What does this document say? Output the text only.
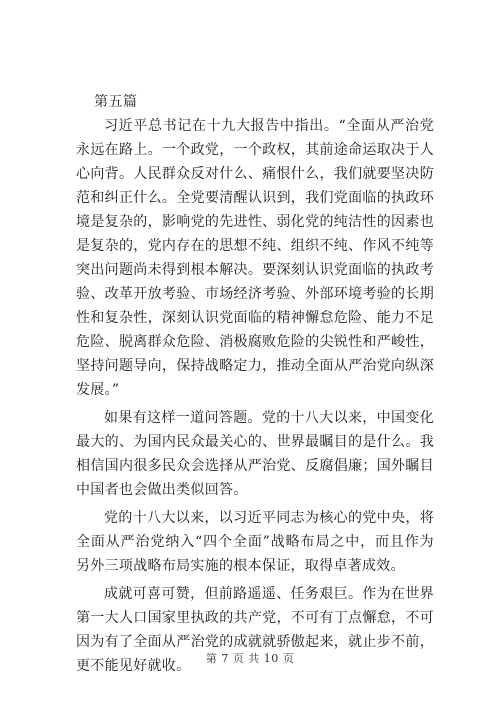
第五篇

习近平总书记在十九大报告中指出。“全面从严治党永远在路上。一个政党，一个政权，其前途命运取决于人心向背。人民群众反对什么、痛恨什么，我们就要坚决防范和纠正什么。全党要清醒认识到，我们党面临的执政环境是复杂的，影响党的先进性、弱化党的纯洁性的因素也是复杂的，党内存在的思想不纯、组织不纯、作风不纯等突出问题尚未得到根本解决。要深刻认识党面临的执政考验、改革开放考验、市场经济考验、外部环境考验的长期性和复杂性，深刻认识党面临的精神懈怠危险、能力不足危险、脱离群众危险、消极腐败危险的尖锐性和严峻性，坚持问题导向，保持战略定力，推动全面从严治党向纵深发展。”

如果有这样一道问答题。党的十八大以来，中国变化最大的、为国内民众最关心的、世界最瞩目的是什么。我相信国内很多民众会选择从严治党、反腐倡廉；国外瞩目中国者也会做出类似回答。

党的十八大以来，以习近平同志为核心的党中央，将全面从严治党纳入“四个全面”战略布局之中，而且作为另外三项战略布局实施的根本保证，取得卓著成效。

成就可喜可赞，但前路遥遥、任务艰巨。作为在世界第一大人口国家里执政的共产党，不可有丁点懈怠，不可因为有了全面从严治党的成就就骄傲起来，就止步不前，更不能见好就收。	第 7 页 共 10 页
